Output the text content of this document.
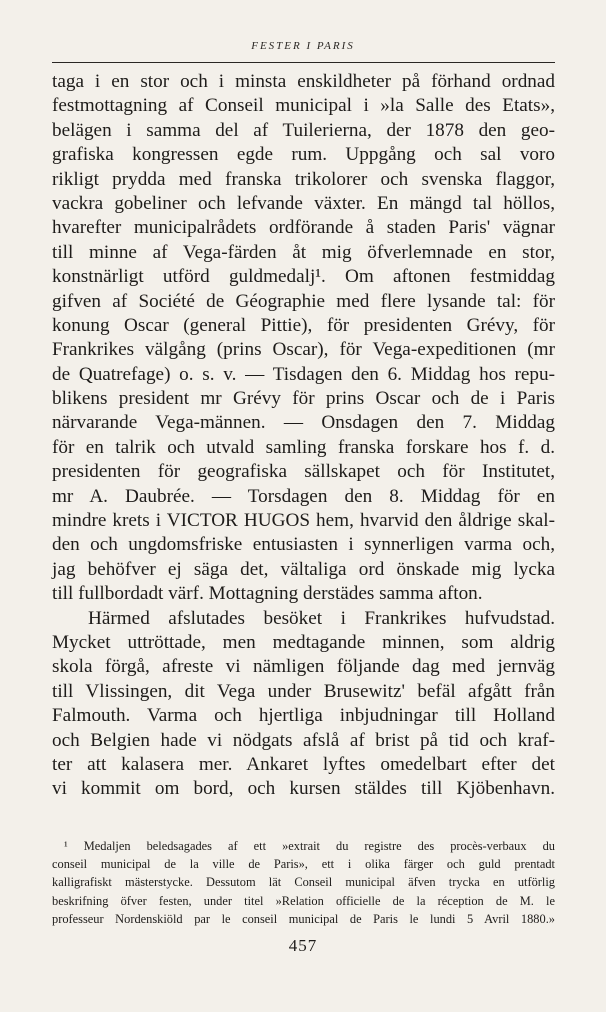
FESTER I PARIS
taga i en stor och i minsta enskildheter på förhand ordnad
festmottagning af Conseil municipal i »la Salle des Etats»,
belägen i samma del af Tuilerierna, der 1878 den geo-
grafiska kongressen egde rum. Uppgång och sal voro
rikligt prydda med franska trikolorer och svenska flaggor,
vackra gobeliner och lefvande växter. En mängd tal höllos,
hvarefter municipalrådets ordförande å staden Paris' vägnar
till minne af Vega-färden åt mig öfverlemnade en stor,
konstnärligt utförd guldmedalj¹. Om aftonen festmiddag
gifven af Société de Géographie med flere lysande tal: för
konung Oscar (general Pittie), för presidenten Grévy, för
Frankrikes välgång (prins Oscar), för Vega-expeditionen (mr
de Quatrefage) o. s. v. — Tisdagen den 6. Middag hos repu-
blikens president mr Grévy för prins Oscar och de i Paris
närvarande Vega-männen. — Onsdagen den 7. Middag
för en talrik och utvald samling franska forskare hos f. d.
presidenten för geografiska sällskapet och för Institutet,
mr A. Daubrée. — Torsdagen den 8. Middag för en
mindre krets i VICTOR HUGOS hem, hvarvid den åldrige skal-
den och ungdomsfriske entusiasten i synnerligen varma och,
jag behöfver ej säga det, vältaliga ord önskade mig lycka
till fullbordadt värf. Mottagning derstädes samma afton.
Härmed afslutades besöket i Frankrikes hufvudstad.
Mycket uttröttade, men medtagande minnen, som aldrig
skola förgå, afreste vi nämligen följande dag med jernväg
till Vlissingen, dit Vega under Brusewitz' befäl afgått från
Falmouth. Varma och hjertliga inbjudningar till Holland
och Belgien hade vi nödgats afslå af brist på tid och kraf-
ter att kalasera mer. Ankaret lyftes omedelbart efter det
vi kommit om bord, och kursen stäldes till Kjöbenhavn.
¹ Medaljen beledsagades af ett »extrait du registre des procès-verbaux du
conseil municipal de la ville de Paris», ett i olika färger och guld prentadt
kalligrafiskt mästerstycke. Dessutom lät Conseil municipal äfven trycka en utförlig
beskrifning öfver festen, under titel »Relation officielle de la réception de M. le
professeur Nordenskiöld par le conseil municipal de Paris le lundi 5 Avril 1880.»
457
